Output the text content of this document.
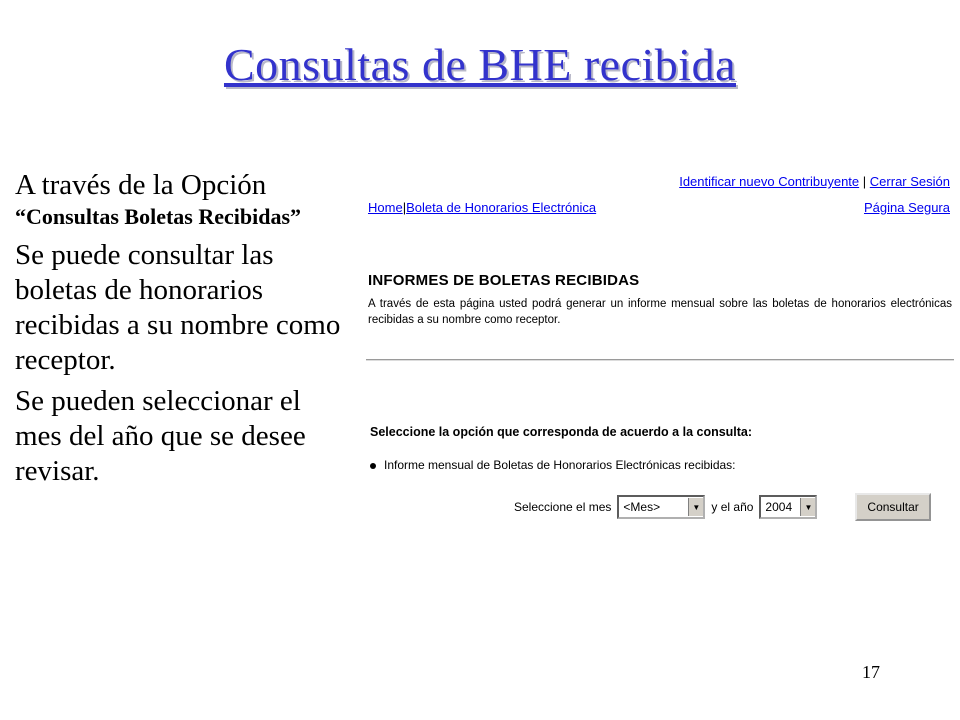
Consultas de BHE recibida
A través de la Opción
“Consultas Boletas Recibidas”
Se puede consultar las boletas de honorarios recibidas a su nombre como receptor.
Se pueden seleccionar el mes del año que se desee revisar.
Identificar nuevo Contribuyente | Cerrar Sesión
Home|Boleta de Honorarios Electrónica	Página Segura
INFORMES DE BOLETAS RECIBIDAS
A través de esta página usted podrá generar un informe mensual sobre las boletas de honorarios electrónicas recibidas a su nombre como receptor.
Seleccione la opción que corresponda de acuerdo a la consulta:
Informe mensual de Boletas de Honorarios Electrónicas recibidas:
Seleccione el mes	<Mes>	▼ y el año	2004	▼	Consultar
17
